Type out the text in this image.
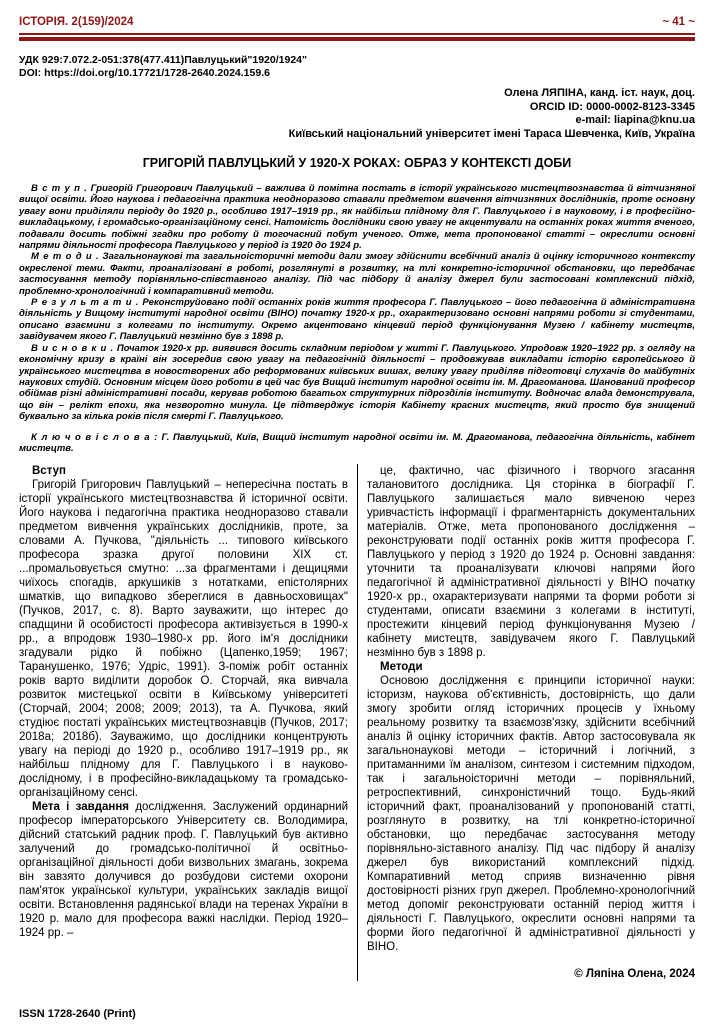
ІСТОРІЯ. 2(159)/2024	~ 41 ~
УДК 929:7.072.2-051:378(477.411)Павлуцький"1920/1924"
DOI: https://doi.org/10.17721/1728-2640.2024.159.6
Олена ЛЯПІНА, канд. іст. наук, доц.
ORCID ID: 0000-0002-8123-3345
e-mail: liapina@knu.ua
Київський національний університет імені Тараса Шевченка, Київ, Україна
ГРИГОРІЙ ПАВЛУЦЬКИЙ У 1920-Х РОКАХ: ОБРАЗ У КОНТЕКСТІ ДОБИ

В с т у п . Григорій Григорович Павлуцький – важлива й помітна постать в історії українського мистецтвознавства й вітчизняної вищої освіти. Його наукова і педагогічна практика неодноразово ставали предметом вивчення вітчизняних дослідників, проте основну увагу вони приділяли періоду до 1920 р., особливо 1917–1919 рр., як найбільш плідному для Г. Павлуцького і в науковому, і в професійно-викладацькому, і громадсько-організаційному сенсі. Натомість дослідники свою увагу не акцентували на останніх роках життя вченого, подавали досить побіжні згадки про роботу й тогочасний побут ученого. Отже, мета пропонованої статті – окреслити основні напрями діяльності професора Павлуцького у період із 1920 до 1924 р.

М е т о д и . Загальнонаукові та загальноісторичні методи дали змогу здійснити всебічний аналіз й оцінку історичного контексту окресленої теми. Факти, проаналізовані в роботі, розглянуті в розвитку, на тлі конкретно-історичної обстановки, що передбачає застосування методу порівняльно-співставного аналізу. Під час підбору й аналізу джерел були застосовані комплексний підхід, проблемно-хронологічний і компаративний методи.

Р е з у л ь т а т и . Реконструйовано події останніх років життя професора Г. Павлуцького – його педагогічна й адміністративна діяльність у Вищому інституті народної освіти (ВІНО) початку 1920-х рр., охарактеризовано основні напрями роботи зі студентами, описано взаємини з колегами по інституту. Окремо акцентовано кінцевий період функціонування Музею / кабінету мистецтв, завідувачем якого Г. Павлуцький незмінно був з 1898 р.

В и с н о в к и . Початок 1920-х рр. виявився досить складним періодом у житті Г. Павлуцького. Упродовж 1920–1922 рр. з огляду на економічну кризу в країні він зосередив свою увагу на педагогічній діяльності – продовжував викладати історію європейського й українського мистецтва в новостворених або реформованих київських вишах, велику увагу приділяв підготовці слухачів до майбутніх наукових студій. Основним місцем його роботи в цей час був Вищий інститут народної освіти ім. М. Драгоманова. Шанований професор обіймав різні адміністративні посади, керував роботою багатьох структурних підрозділів інституту. Водночас влада демонструвала, що він – релікт епохи, яка незворотно минула. Це підтверджує історія Кабінету красних мистецтв, який просто був знищений буквально за кілька років після смерті Г. Павлуцького.

К л ю ч о в і с л о в а : Г. Павлуцький, Київ, Вищий інститут народної освіти ім. М. Драгоманова, педагогічна діяльність, кабінет мистецтв.

Вступ

Григорій Григорович Павлуцький – непересічна постать в історії українського мистецтвознавства й історичної освіти. Його наукова і педагогічна практика неодноразово ставали предметом вивчення українських дослідників, проте, за словами А. Пучкова, "діяльність ... типового київського професора зразка другої половини XIX ст. ...промальовується смутно: ...за фрагментами і дещицями чиїхось спогадів, аркушиків з нотатками, епістолярних шматків, що випадково збереглися в давньосховищах" (Пучков, 2017, с. 8). Варто зауважити, що інтерес до спадщини й особистості професора активізується в 1990-х рр., а впродовж 1930–1980-х рр. його ім'я дослідники згадували рідко й побіжно (Цапенко,1959; 1967; Таранушенко, 1976; Удріс, 1991). З-поміж робіт останніх років варто виділити доробок О. Сторчай, яка вивчала розвиток мистецької освіти в Київському університеті (Сторчай, 2004; 2008; 2009; 2013), та А. Пучкова, який студіює постаті українських мистецтвознавців (Пучков, 2017; 2018а; 2018б). Зауважимо, що дослідники концентрують увагу на періоді до 1920 р., особливо 1917–1919 рр., як найбільш плідному для Г. Павлуцького і в науково-дослідному, і в професійно-викладацькому та громадсько-організаційному сенсі.

Мета і завдання дослідження. Заслужений ординарний професор імператорського Університету св. Володимира, дійсний статський радник проф. Г. Павлуцький був активно залучений до громадсько-політичної й освітньо-організаційної діяльності доби визвольних змагань, зокрема він завзято долучився до розбудови системи охорони пам'яток української культури, українських закладів вищої освіти. Встановлення радянської влади на теренах України в 1920 р. мало для професора важкі наслідки. Період 1920–1924 рр. –

це, фактично, час фізичного і творчого згасання талановитого дослідника. Ця сторінка в біографії Г. Павлуцького залишається мало вивченою через уривчастість інформації і фрагментарність документальних матеріалів. Отже, мета пропонованого дослідження – реконструювати події останніх років життя професора Г. Павлуцького у період з 1920 до 1924 р. Основні завдання: уточнити та проаналізувати ключові напрями його педагогічної й адміністративної діяльності у ВІНО початку 1920-х рр., охарактеризувати напрями та форми роботи зі студентами, описати взаємини з колегами в інституті, простежити кінцевий період функціонування Музею / кабінету мистецтв, завідувачем якого Г. Павлуцький незмінно був з 1898 р.

Методи

Основою дослідження є принципи історичної науки: історизм, наукова об'єктивність, достовірність, що дали змогу зробити огляд історичних процесів у їхньому реальному розвитку та взаємозв'язку, здійснити всебічний аналіз й оцінку історичних фактів. Автор застосовувала як загальнонаукові методи – історичний і логічний, з притаманними їм аналізом, синтезом і системним підходом, так і загальноісторичні методи – порівняльний, ретроспективний, синхроністичний тощо. Будь-який історичний факт, проаналізований у пропонованій статті, розглянуто в розвитку, на тлі конкретно-історичної обстановки, що передбачає застосування методу порівняльно-зіставного аналізу. Під час підбору й аналізу джерел був використаний комплексний підхід. Компаративний метод сприяв визначенню рівня достовірності різних груп джерел. Проблемно-хронологічний метод допоміг реконструювати останній період життя і діяльності Г. Павлуцького, окреслити основні напрями та форми його педагогічної й адміністративної діяльності у ВІНО.

© Ляпіна Олена, 2024
ISSN 1728-2640 (Print)
